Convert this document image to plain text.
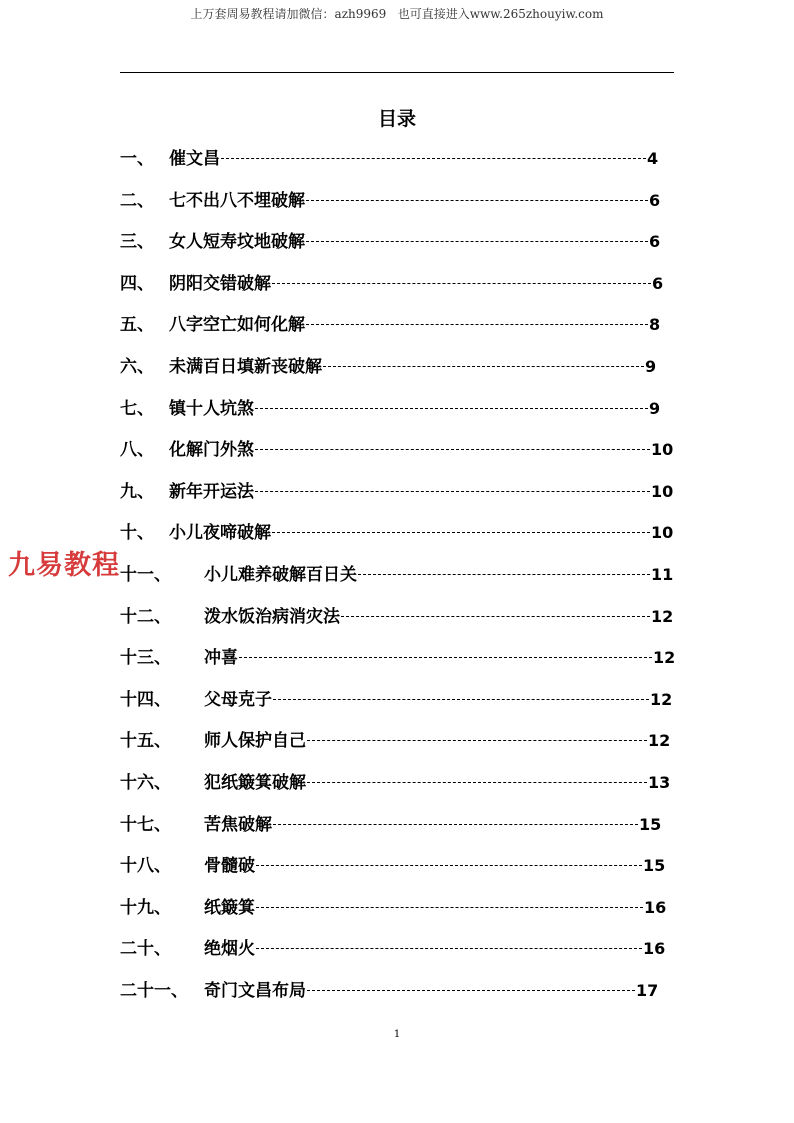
上万套周易教程请加微信：azh9969   也可直接进入www.265zhouyiw.com
目录
一、 催文昌	4
二、 七不出八不埋破解	6
三、 女人短寿坟地破解	6
四、 阴阳交错破解	6
五、 八字空亡如何化解	8
六、 未满百日填新丧破解	9
七、 镇十人坑煞	9
八、 化解门外煞	10
九、 新年开运法	10
十、 小儿夜啼破解	10
十一、 小儿难养破解百日关	11
十二、 泼水饭治病消灾法	12
十三、 冲喜	12
十四、 父母克子	12
十五、 师人保护自己	12
十六、 犯纸簸箕破解	13
十七、 苦焦破解	15
十八、 骨髓破	15
十九、 纸簸箕	16
二十、 绝烟火	16
二十一、 奇门文昌布局	17
九易教程
1
